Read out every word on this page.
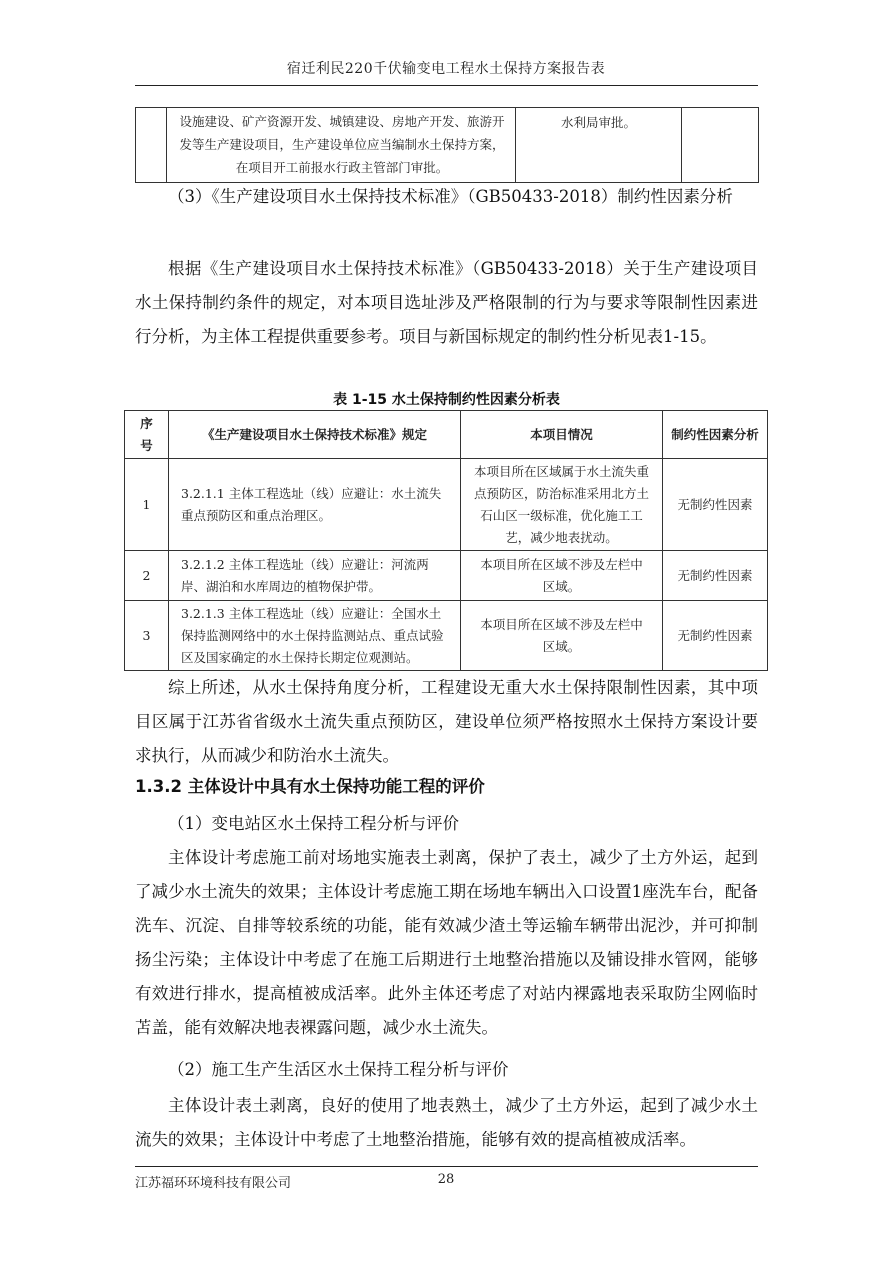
宿迁利民220千伏输变电工程水土保持方案报告表
	设施建设、矿产资源开发、城镇建设、房地产开发、旅游开发等生产建设项目，生产建设单位应当编制水土保持方案，在项目开工前报水行政主管部门审批。	水利局审批。	

（3）《生产建设项目水土保持技术标准》（GB50433-2018）制约性因素分析

根据《生产建设项目水土保持技术标准》（GB50433-2018）关于生产建设项目水土保持制约条件的规定，对本项目选址涉及严格限制的行为与要求等限制性因素进行分析，为主体工程提供重要参考。项目与新国标规定的制约性分析见表1-15。

表 1-15 水土保持制约性因素分析表
序号	《生产建设项目水土保持技术标准》规定	本项目情况	制约性因素分析
1	3.2.1.1 主体工程选址（线）应避让：水土流失重点预防区和重点治理区。	本项目所在区域属于水土流失重点预防区，防治标准采用北方土石山区一级标准，优化施工工艺，减少地表扰动。	无制约性因素
2	3.2.1.2 主体工程选址（线）应避让：河流两岸、湖泊和水库周边的植物保护带。	本项目所在区域不涉及左栏中区域。	无制约性因素
3	3.2.1.3 主体工程选址（线）应避让：全国水土保持监测网络中的水土保持监测站点、重点试验区及国家确定的水土保持长期定位观测站。	本项目所在区域不涉及左栏中区域。	无制约性因素

综上所述，从水土保持角度分析，工程建设无重大水土保持限制性因素，其中项目区属于江苏省省级水土流失重点预防区，建设单位须严格按照水土保持方案设计要求执行，从而减少和防治水土流失。

1.3.2 主体设计中具有水土保持功能工程的评价

（1）变电站区水土保持工程分析与评价

主体设计考虑施工前对场地实施表土剥离，保护了表土，减少了土方外运，起到了减少水土流失的效果；主体设计考虑施工期在场地车辆出入口设置1座洗车台，配备洗车、沉淀、自排等较系统的功能，能有效减少渣土等运输车辆带出泥沙，并可抑制扬尘污染；主体设计中考虑了在施工后期进行土地整治措施以及铺设排水管网，能够有效进行排水，提高植被成活率。此外主体还考虑了对站内裸露地表采取防尘网临时苫盖，能有效解决地表裸露问题，减少水土流失。

（2）施工生产生活区水土保持工程分析与评价

主体设计表土剥离，良好的使用了地表熟土，减少了土方外运，起到了减少水土流失的效果；主体设计中考虑了土地整治措施，能够有效的提高植被成活率。

江苏福环环境科技有限公司	28
